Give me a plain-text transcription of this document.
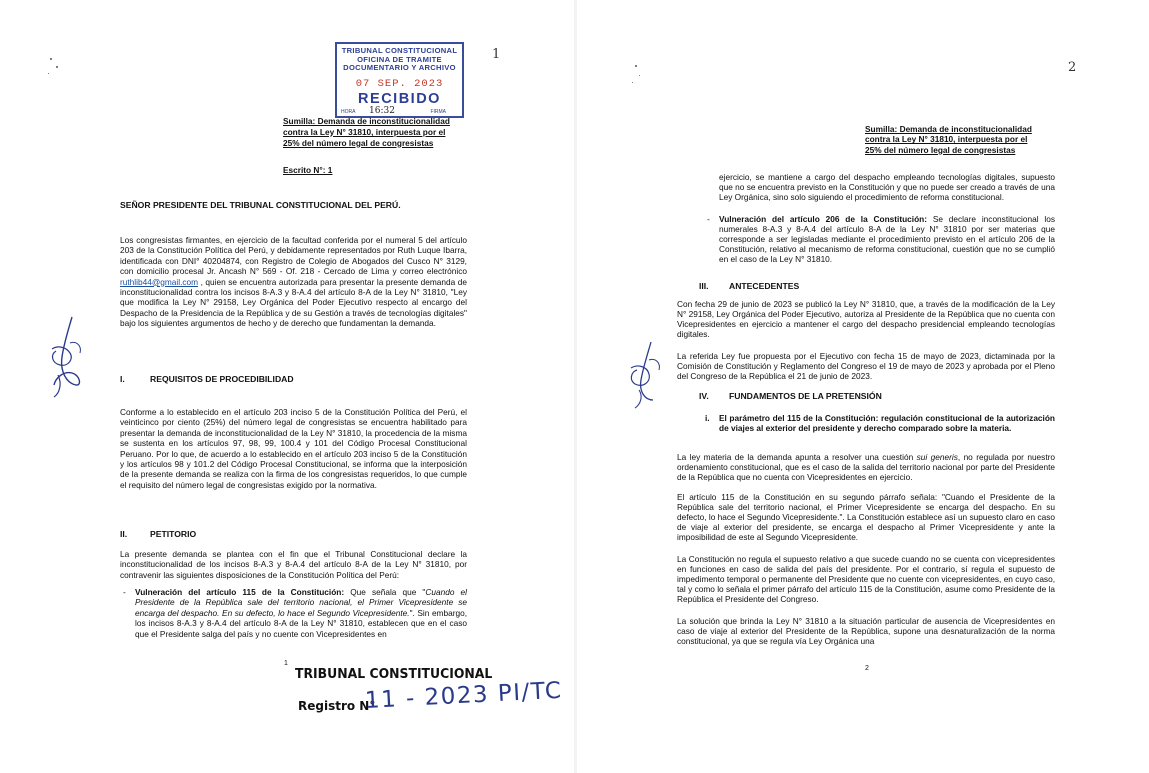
TRIBUNAL CONSTITUCIONAL
OFICINA DE TRAMITE
DOCUMENTARIO Y ARCHIVO
07 SEP. 2023
RECIBIDO
HORA 16:32	FIRMA
1
Sumilla: Demanda de inconstitucionalidad
contra la Ley N° 31810, interpuesta por el
25% del número legal de congresistas
Escrito N°: 1
SEÑOR PRESIDENTE DEL TRIBUNAL CONSTITUCIONAL DEL PERÚ.

Los congresistas firmantes, en ejercicio de la facultad conferida por el numeral 5 del artículo 203 de la Constitución Política del Perú, y debidamente representados por Ruth Luque Ibarra, identificada con DNI° 40204874, con Registro de Colegio de Abogados del Cusco N° 3129, con domicilio procesal Jr. Ancash N° 569 - Of. 218 - Cercado de Lima y correo electrónico ruthlib44@gmail.com , quien se encuentra autorizada para presentar la presente demanda de inconstitucionalidad contra los incisos 8-A.3 y 8-A.4 del artículo 8-A de la Ley N° 31810, "Ley que modifica la Ley N° 29158, Ley Orgánica del Poder Ejecutivo respecto al encargo del Despacho de la Presidencia de la República y de su Gestión a través de tecnologías digitales" bajo los siguientes argumentos de hecho y de derecho que fundamentan la demanda.

I.	REQUISITOS DE PROCEDIBILIDAD

Conforme a lo establecido en el artículo 203 inciso 5 de la Constitución Política del Perú, el veinticinco por ciento (25%) del número legal de congresistas se encuentra habilitado para presentar la demanda de inconstitucionalidad de la Ley N° 31810, la procedencia de la misma se sustenta en los artículos 97, 98, 99, 100.4 y 101 del Código Procesal Constitucional Peruano. Por lo que, de acuerdo a lo establecido en el artículo 203 inciso 5 de la Constitución y los artículos 98 y 101.2 del Código Procesal Constitucional, se informa que la interposición de la presente demanda se realiza con la firma de los congresistas requeridos, lo que cumple el requisito del número legal de congresistas exigido por la normativa.

II.	PETITORIO

La presente demanda se plantea con el fin que el Tribunal Constitucional declare la inconstitucionalidad de los incisos 8-A.3 y 8-A.4 del artículo 8-A de la Ley N° 31810, por contravenir las siguientes disposiciones de la Constitución Política del Perú:

- Vulneración del artículo 115 de la Constitución: Que señala que "Cuando el Presidente de la República sale del territorio nacional, el Primer Vicepresidente se encarga del despacho. En su defecto, lo hace el Segundo Vicepresidente.". Sin embargo, los incisos 8-A.3 y 8-A.4 del artículo 8-A de la Ley N° 31810, establecen que en el caso que el Presidente salga del país y no cuente con Vicepresidentes en

1
TRIBUNAL CONSTITUCIONAL
Registro N°
11 - 2023 PI/TC
2
Sumilla: Demanda de inconstitucionalidad
contra la Ley N° 31810, interpuesta por el
25% del número legal de congresistas

ejercicio, se mantiene a cargo del despacho empleando tecnologías digitales, supuesto que no se encuentra previsto en la Constitución y que no puede ser creado a través de una Ley Orgánica, sino solo siguiendo el procedimiento de reforma constitucional.

- Vulneración del artículo 206 de la Constitución: Se declare inconstitucional los numerales 8-A.3 y 8-A.4 del artículo 8-A de la Ley N° 31810 por ser materias que corresponde a ser legisladas mediante el procedimiento previsto en el artículo 206 de la Constitución, relativo al mecanismo de reforma constitucional, cuestión que no se cumplió en el caso de la Ley N° 31810.

III. ANTECEDENTES

Con fecha 29 de junio de 2023 se publicó la Ley N° 31810, que, a través de la modificación de la Ley N° 29158, Ley Orgánica del Poder Ejecutivo, autoriza al Presidente de la República que no cuenta con Vicepresidentes en ejercicio a mantener el cargo del despacho presidencial empleando tecnologías digitales.

La referida Ley fue propuesta por el Ejecutivo con fecha 15 de mayo de 2023, dictaminada por la Comisión de Constitución y Reglamento del Congreso el 19 de mayo de 2023 y aprobada por el Pleno del Congreso de la República el 21 de junio de 2023.

IV. FUNDAMENTOS DE LA PRETENSIÓN

i. El parámetro del 115 de la Constitución: regulación constitucional de la autorización de viajes al exterior del presidente y derecho comparado sobre la materia.

La ley materia de la demanda apunta a resolver una cuestión sui generis, no regulada por nuestro ordenamiento constitucional, que es el caso de la salida del territorio nacional por parte del Presidente de la República que no cuenta con Vicepresidentes en ejercicio.

El artículo 115 de la Constitución en su segundo párrafo señala: "Cuando el Presidente de la República sale del territorio nacional, el Primer Vicepresidente se encarga del despacho. En su defecto, lo hace el Segundo Vicepresidente.". La Constitución establece así un supuesto claro en caso de viaje al exterior del presidente, se encarga el despacho al Primer Vicepresidente y ante la imposibilidad de este al Segundo Vicepresidente.

La Constitución no regula el supuesto relativo a que sucede cuando no se cuenta con vicepresidentes en funciones en caso de salida del país del presidente. Por el contrario, sí regula el supuesto de impedimento temporal o permanente del Presidente que no cuente con vicepresidentes, en cuyo caso, tal y como lo señala el primer párrafo del artículo 115 de la Constitución, asume como Presidente de la República el Presidente del Congreso.

La solución que brinda la Ley N° 31810 a la situación particular de ausencia de Vicepresidentes en caso de viaje al exterior del Presidente de la República, supone una desnaturalización de la norma constitucional, ya que se regula vía Ley Orgánica una

2
